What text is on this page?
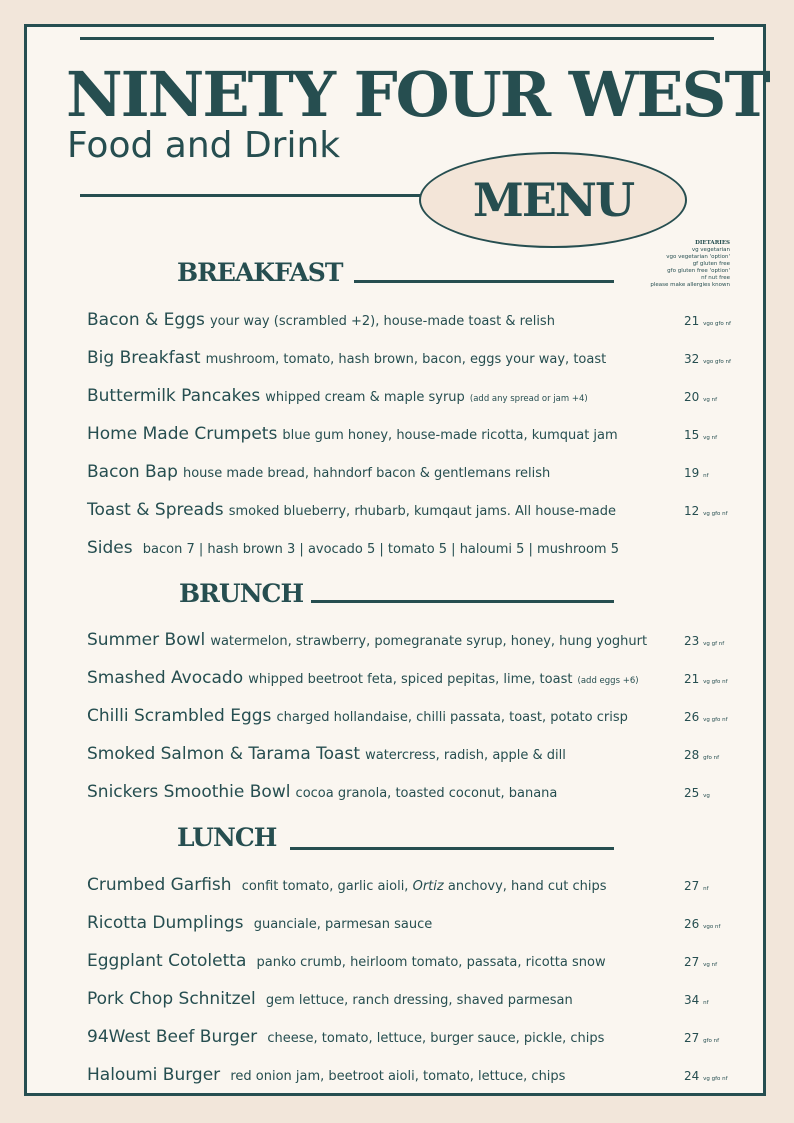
NINETY FOUR WEST
Food and Drink
MENU
DIETARIES
vg vegetarian
vgo vegetarian 'option'
gf gluten free
gfo gluten free 'option'
nf nut free
please make allergies known
BREAKFAST
Bacon & Eggs your way (scrambled +2), house-made toast & relish	21 vgo gfo nf
Big Breakfast mushroom, tomato, hash brown, bacon, eggs your way, toast	32 vgo gfo nf
Buttermilk Pancakes whipped cream & maple syrup (add any spread or jam +4)	20 vg nf
Home Made Crumpets blue gum honey, house-made ricotta, kumquat jam	15 vg nf
Bacon Bap house made bread, hahndorf bacon & gentlemans relish	19 nf
Toast & Spreads smoked blueberry, rhubarb, kumqaut jams. All house-made	12 vg gfo nf
Sides bacon 7 | hash brown 3 | avocado 5 | tomato 5 | haloumi 5 | mushroom 5
BRUNCH
Summer Bowl watermelon, strawberry, pomegranate syrup, honey, hung yoghurt	23 vg gf nf
Smashed Avocado whipped beetroot feta, spiced pepitas, lime, toast (add eggs +6)	21 vg gfo nf
Chilli Scrambled Eggs charged hollandaise, chilli passata, toast, potato crisp	26 vg gfo nf
Smoked Salmon & Tarama Toast watercress, radish, apple & dill	28 gfo nf
Snickers Smoothie Bowl cocoa granola, toasted coconut, banana	25 vg
LUNCH
Crumbed Garfish confit tomato, garlic aioli, Ortiz anchovy, hand cut chips	27 nf
Ricotta Dumplings guanciale, parmesan sauce	26 vgo nf
Eggplant Cotoletta panko crumb, heirloom tomato, passata, ricotta snow	27 vg nf
Pork Chop Schnitzel gem lettuce, ranch dressing, shaved parmesan	34 nf
94West Beef Burger cheese, tomato, lettuce, burger sauce, pickle, chips	27 gfo nf
Haloumi Burger red onion jam, beetroot aioli, tomato, lettuce, chips	24 vg gfo nf
